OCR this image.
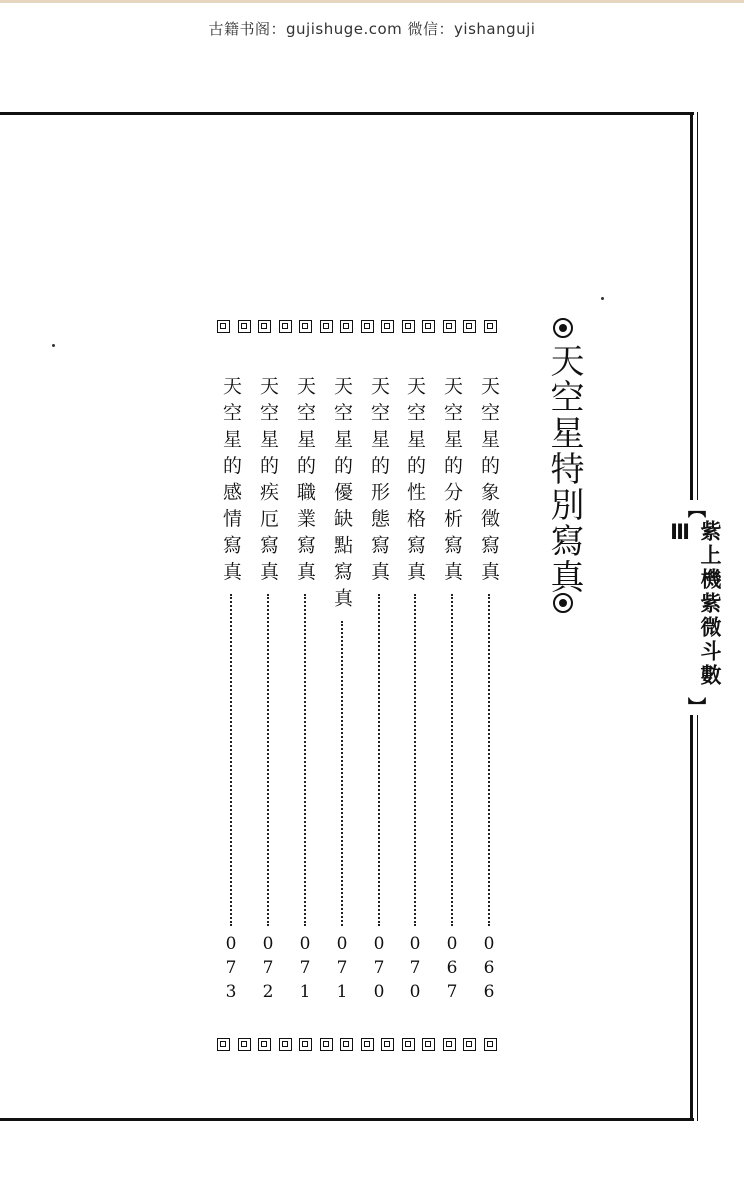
古籍书阁：gujishuge.com 微信：yishanguji
【
紫上機紫微斗數Ⅲ
】
天空星特別寫真
天空星的象徵寫真
066
天空星的分析寫真
067
天空星的性格寫真
070
天空星的形態寫真
070
天空星的優缺點寫真
071
天空星的職業寫真
071
天空星的疾厄寫真
072
天空星的感情寫真
073
